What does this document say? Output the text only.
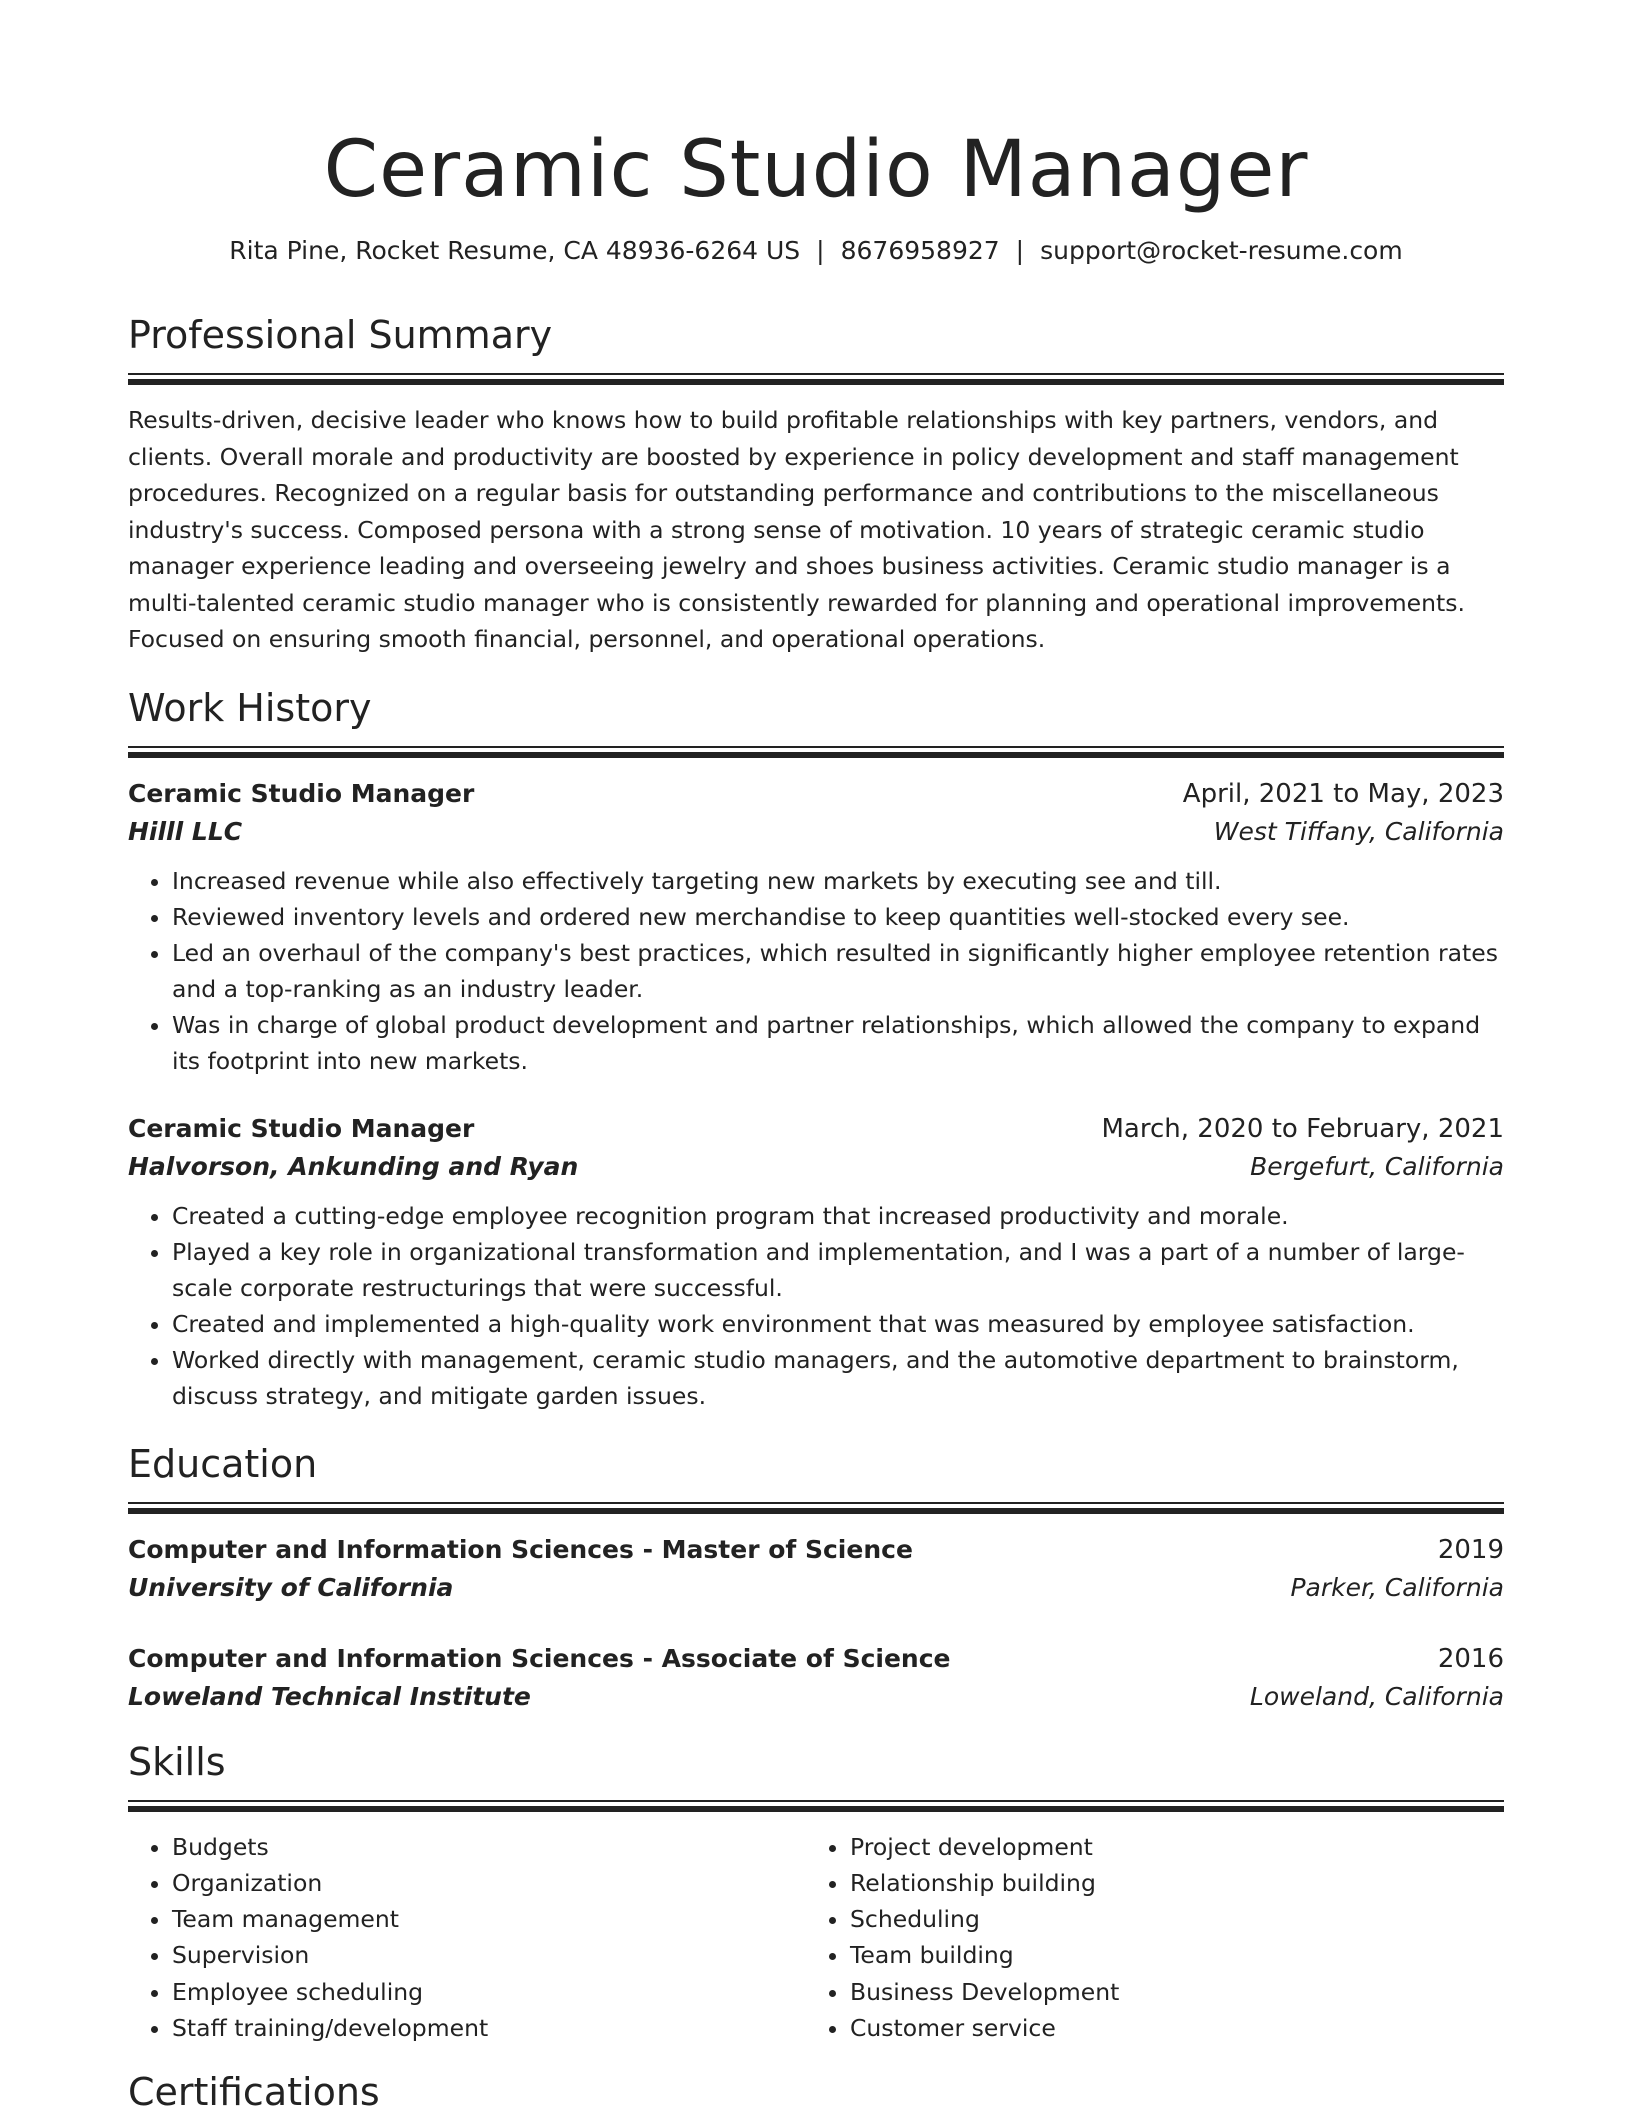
Ceramic Studio Manager
Rita Pine, Rocket Resume, CA 48936-6264 US | 8676958927 | support@rocket-resume.com
Professional Summary

Results-driven, decisive leader who knows how to build profitable relationships with key partners, vendors, and clients. Overall morale and productivity are boosted by experience in policy development and staff management procedures. Recognized on a regular basis for outstanding performance and contributions to the miscellaneous industry's success. Composed persona with a strong sense of motivation. 10 years of strategic ceramic studio manager experience leading and overseeing jewelry and shoes business activities. Ceramic studio manager is a multi-talented ceramic studio manager who is consistently rewarded for planning and operational improvements. Focused on ensuring smooth financial, personnel, and operational operations.

Work History
Ceramic Studio Manager	April, 2021 to May, 2023
Hilll LLC	West Tiffany, California
• Increased revenue while also effectively targeting new markets by executing see and till.
• Reviewed inventory levels and ordered new merchandise to keep quantities well-stocked every see.
• Led an overhaul of the company's best practices, which resulted in significantly higher employee retention rates and a top-ranking as an industry leader.
• Was in charge of global product development and partner relationships, which allowed the company to expand its footprint into new markets.
Ceramic Studio Manager	March, 2020 to February, 2021
Halvorson, Ankunding and Ryan	Bergefurt, California
• Created a cutting-edge employee recognition program that increased productivity and morale.
• Played a key role in organizational transformation and implementation, and I was a part of a number of large-scale corporate restructurings that were successful.
• Created and implemented a high-quality work environment that was measured by employee satisfaction.
• Worked directly with management, ceramic studio managers, and the automotive department to brainstorm, discuss strategy, and mitigate garden issues.
Education
Computer and Information Sciences - Master of Science	2019
University of California	Parker, California
Computer and Information Sciences - Associate of Science	2016
Loweland Technical Institute	Loweland, California
Skills
• Budgets
• Organization
• Team management
• Supervision
• Employee scheduling
• Staff training/development
• Project development
• Relationship building
• Scheduling
• Team building
• Business Development
• Customer service
Certifications
